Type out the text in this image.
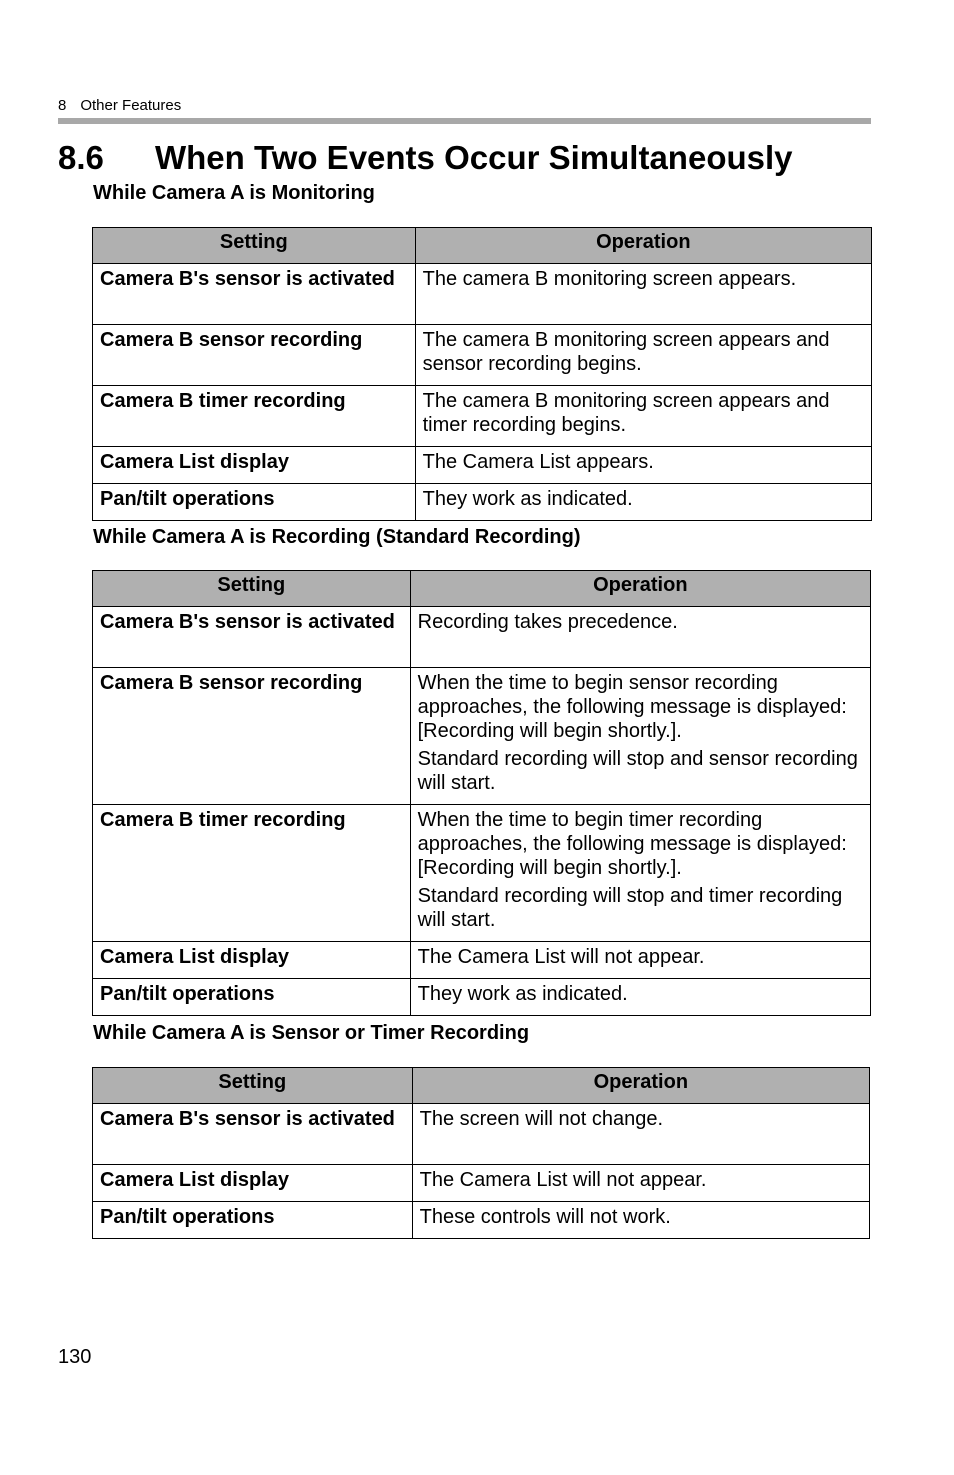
8 Other Features
8.6 When Two Events Occur Simultaneously
While Camera A is Monitoring
Setting	Operation
Camera B's sensor is activated	The camera B monitoring screen appears.

Camera B sensor recording	The camera B monitoring screen appears and sensor recording begins.

Camera B timer recording	The camera B monitoring screen appears and timer recording begins.

Camera List display	The Camera List appears.

Pan/tilt operations	They work as indicated.

While Camera A is Recording (Standard Recording)
Setting	Operation
Camera B's sensor is activated	Recording takes precedence.

Camera B sensor recording	When the time to begin sensor recording approaches, the following message is displayed: [Recording will begin shortly.].

Standard recording will stop and sensor recording will start.

Camera B timer recording	When the time to begin timer recording approaches, the following message is displayed: [Recording will begin shortly.].

Standard recording will stop and timer recording will start.

Camera List display	The Camera List will not appear.

Pan/tilt operations	They work as indicated.

While Camera A is Sensor or Timer Recording
Setting	Operation
Camera B's sensor is activated	The screen will not change.

Camera List display	The Camera List will not appear.

Pan/tilt operations	These controls will not work.

130
